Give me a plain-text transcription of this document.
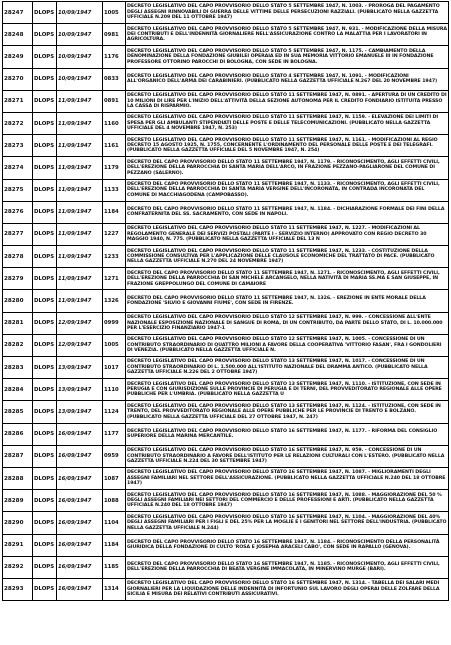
28247	DLOPS	10/09/1947	1005	DECRETO LEGISLATIVO DEL CAPO PROVVISORIO DELLO STATO 5 SETTEMBRE 1947, N. 1003. - PROROGA DEL PAGAMENTO DEGLI ASSEGNI RINNOVABILI DI GUERRA DELLE VITTIME DELLE PERSECUZIONI RAZZIALI. (PUBBLICATO NELLA GAZZETTA UFFICIALE N.209 DEL 11 OTTOBRE 1947)
28248	DLOPS	10/09/1947	0981	DECRETO LEGISLATIVO DEL CAPO PROVVISORIO DELLO STATO 5 SETTEMBRE 1947, N. 931. - MODIFICAZIONE DELLA MISURA DEI CONTRIBUTI E DELL'INDENNITÀ GIORNALIERE NELL'ASSICURAZIONE CONTRO LA MALATTIA PER I LAVORATORI IN AGRICOLTURA.
28249	DLOPS	10/09/1947	1176	DECRETO LEGISLATIVO DEL CAPO PROVVISORIO DELLO STATO 5 SETTEMBRE 1947, N. 1175. - CAMBIAMENTO DELLA DENOMINAZIONE DELLA FONDAZIONE GIUBILEI OPERAIA ED IN SUA MEMORIA VITTORIO EMANUELE III IN FONDAZIONE PROFESSORE OTTORINO PAROCCHI DI BOLOGNA, CON SEDE IN BOLOGNA.
28270	DLOPS	10/09/1947	0833	DECRETO LEGISLATIVO DEL CAPO PROVVISORIO DELLO STATO 4 SETTEMBRE 1947, N. 1091. - MODIFICAZIONI ALL'ORGANICO DELL'ARMA DEI CARABINIERI. (PUBBLICATO NELLA GAZZETTA UFFICIALE N.267 DEL 20 NOVEMBRE 1947)
28271	DLOPS	11/09/1947	0891	DECRETO LEGISLATIVO DEL CAPO PROVVISORIO DELLO STATO 11 SETTEMBRE 1947, N. 0891. - APERTURA DI UN CREDITO DI 10 MILIONI DI LIRE PER L'INIZIO DELL'ATTIVITÀ DELLA SEZIONE AUTONOMA PER IL CREDITO FONDIARIO ISTITUITA PRESSO LA CASSA DI RISPARMIO.
28272	DLOPS	11/09/1947	1160	DECRETO LEGISLATIVO DEL CAPO PROVVISORIO DELLO STATO 11 SETTEMBRE 1947, N. 1159. - ELEVAZIONE DEI LIMITI DI SPESA PER GLI AMBULANTI STIPENDIATI DELLE POSTE E DELLE TELECOMUNICAZIONI. (PUBBLICATO NELLA GAZZETTA UFFICIALE DEL 4 NOVEMBRE 1947, N. 253)
28273	DLOPS	11/09/1947	1161	DECRETO LEGISLATIVO DEL CAPO PROVVISORIO DELLO STATO 11 SETTEMBRE 1947, N. 1161. - MODIFICAZIONI AL REGIO DECRETO 15 AGOSTO 1925, N. 1755, CONCERNENTE L'ORDINAMENTO DEL PERSONALE DELLE POSTE E DEI TELEGRAFI. (PUBBLICATO NELLA GAZZETTA UFFICIALE DEL 5 NOVEMBRE 1947, N. 254)
28274	DLOPS	11/09/1947	1179	DECRETO DEL CAPO PROVVISORIO DELLO STATO 11 SETTEMBRE 1947, N. 1179. - RICONOSCIMENTO, AGLI EFFETTI CIVILI, DELL'EREZIONE DELLA PARROCCHIA DI SANTA MARIA DELL'ARCO, IN FRAZIONE PEZZANO-PAGLIARONE DEL COMUNE DI PEZZANO (SALERNO).
28275	DLOPS	11/09/1947	1133	DECRETO DEL CAPO PROVVISORIO DELLO STATO 11 SETTEMBRE 1947, N. 1133. - RICONOSCIMENTO, AGLI EFFETTI CIVILI, DELL'EREZIONE DELLA PARROCCHIA DI SANTA MARIA VERGINE DELL'INCORONATA, IN CONTRADA INCORONATA DEL COMUNE DI MACCHIAGODENA (CAMPOBASSO).
28276	DLOPS	11/09/1947	1184	DECRETO DEL CAPO PROVVISORIO DELLO STATO 11 SETTEMBRE 1947, N. 1184. - DICHIARAZIONE FORMALE DEI FINI DELLA CONFRATERNITA DEL SS. SACRAMENTO, CON SEDE IN NAPOLI.
28277	DLOPS	11/09/1947	1227	DECRETO LEGISLATIVO DEL CAPO PROVVISORIO DELLO STATO 11 SETTEMBRE 1947, N. 1227. - MODIFICAZIONI AL REGOLAMENTO GENERALE DEI SERVIZI POSTALI (PARTE I - SERVIZIO INTERNO) APPROVATO CON REGIO DECRETO 30 MAGGIO 1940, N. 775. (PUBBLICATO NELLA GAZZETTA UFFICIALE DEL 13 N
28278	DLOPS	11/09/1947	1233	DECRETO LEGISLATIVO DEL CAPO PROVVISORIO DELLO STATO 11 SETTEMBRE 1947, N. 1233. - COSTITUZIONE DELLA COMMISSIONE CONSULTIVA PER L'APPLICAZIONE DELLE CLAUSOLE ECONOMICHE DEL TRATTATO DI PACE. (PUBBLICATO NELLA GAZZETTA UFFICIALE N.270 DEL 24 NOVEMBRE 1947)
28279	DLOPS	11/09/1947	1271	DECRETO DEL CAPO PROVVISORIO DELLO STATO 11 SETTEMBRE 1947, N. 1271. - RICONOSCIMENTO, AGLI EFFETTI CIVILI, DELL'EREZIONE DELLA PARROCCHIA DI SAN MICHELE ARCANGELO, NELLA NATIVITÀ DI MARIA SS.MA E SAN GIUSEPPE, IN FRAZIONE GREPPOLUNGO DEL COMUNE DI CAMAIORE
28280	DLOPS	11/09/1947	1326	DECRETO DEL CAPO PROVVISORIO DELLO STATO 11 SETTEMBRE 1947, N. 1326. - EREZIONE IN ENTE MORALE DELLA FONDAZIONE 'SILVIO E GIOVANNI FIUME', CON SEDE IN FIRENZE.
28281	DLOPS	12/09/1947	0999	DECRETO LEGISLATIVO DEL CAPO PROVVISORIO DELLO STATO 12 SETTEMBRE 1947, N. 999. - CONCESSIONE ALL'ENTE NAZIONALE ESPOSIZIONE NAZIONALE DI SANGUE DI ROMA, DI UN CONTRIBUTO, DA PARTE DELLO STATO, DI L. 10.000.000 PER L'ESERCIZIO FINANZIARIO 1947-1
28282	DLOPS	12/09/1947	1005	DECRETO LEGISLATIVO DEL CAPO PROVVISORIO DELLO STATO 12 SETTEMBRE 1947, N. 1005. - CONCESSIONE DI UN CONTRIBUTO STRAORDINARIO DI QUATTRO MILIONI A FAVORE DELLA COOPERATIVA 'VITTORIO FASAN', FRA I GONDOLIERI DI VENEZIA. (PUBBLICATO NELLA GAZZETTA UFFICIALE N.
28283	DLOPS	13/09/1947	1017	DECRETO LEGISLATIVO DEL CAPO PROVVISORIO DELLO STATO 13 SETTEMBRE 1947, N. 1017. - CONCESSIONE DI UN CONTRIBUTO STRAORDINARIO DI L. 1.500.000 ALL'ISTITUTO NAZIONALE DEL DRAMMA ANTICO. (PUBBLICATO NELLA GAZZETTA UFFICIALE N.226 DEL 2 OTTOBRE 1947)
28284	DLOPS	13/09/1947	1110	DECRETO LEGISLATIVO DEL CAPO PROVVISORIO DELLO STATO 13 SETTEMBRE 1947, N. 1110. - ISTITUZIONE, CON SEDE IN PERUGIA E CON GIURISDIZIONE SULLE PROVINCIE DI PERUGIA E DI TERNI, DEL PROVVEDITORATO REGIONALE ALLE OPERE PUBBLICHE PER L'UMBRIA. (PUBBLICATO NELLA GAZZETTA U
28285	DLOPS	13/09/1947	1124	DECRETO LEGISLATIVO DEL CAPO PROVVISORIO DELLO STATO 13 SETTEMBRE 1947, N. 1124. - ISTITUZIONE, CON SEDE IN TRENTO, DEL PROVVEDITORATO REGIONALE ALLE OPERE PUBBLICHE PER LE PROVINCIE DI TRENTO E BOLZANO. (PUBBLICATO NELLA GAZZETTA UFFICIALE DEL 27 OTTOBRE 1947, N. 247)
28286	DLOPS	16/09/1947	1177	DECRETO LEGISLATIVO DEL CAPO PROVVISORIO DELLO STATO 16 SETTEMBRE 1947, N. 1177. - RIFORMA DEL CONSIGLIO SUPERIORE DELLA MARINA MERCANTILE.
28287	DLOPS	16/09/1947	0959	DECRETO LEGISLATIVO DEL CAPO PROVVISORIO DELLO STATO 16 SETTEMBRE 1947, N. 959. - CONCESSIONE DI UN CONTRIBUTO STRAORDINARIO A FAVORE DELL'ISTITUTO PER LE RELAZIONI CULTURALI CON L'ESTERO. (PUBBLICATO NELLA GAZZETTA UFFICIALE N.224 DEL 30 SETTEMBRE 1947)
28288	DLOPS	16/09/1947	1087	DECRETO LEGISLATIVO DEL CAPO PROVVISORIO DELLO STATO 16 SETTEMBRE 1947, N. 1087. - MIGLIORAMENTI DEGLI ASSEGNI FAMILIARI NEL SETTORE DELL'ASSICURAZIONE. (PUBBLICATO NELLA GAZZETTA UFFICIALE N.240 DEL 18 OTTOBRE 1947)
28289	DLOPS	16/09/1947	1088	DECRETO LEGISLATIVO DEL CAPO PROVVISORIO DELLO STATO 16 SETTEMBRE 1947, N. 1088. - MAGGIORAZIONE DEL 50 % DEGLI ASSEGNI FAMILIARI NEI SETTORI DEL COMMERCIO E DELLE PROFESSIONI E ARTI. (PUBBLICATO NELLA GAZZETTA UFFICIALE N.240 DEL 18 OTTOBRE 1947)
28290	DLOPS	16/09/1947	1104	DECRETO LEGISLATIVO DEL CAPO PROVVISORIO DELLO STATO 16 SETTEMBRE 1947, N. 1104. - MAGGIORAZIONE DEL 40% DEGLI ASSEGNI FAMILIARI PER I FIGLI E DEL 25% PER LA MOGLIE E I GENITORI NEL SETTORE DELL'INDUSTRIA. (PUBBLICATO NELLA GAZZETTA UFFICIALE N.244)
28291	DLOPS	16/09/1947	1184	DECRETO DEL CAPO PROVVISORIO DELLO STATO 16 SETTEMBRE 1947, N. 1184. - RICONOSCIMENTO DELLA PERSONALITÀ GIURIDICA DELLA FONDAZIONE DI CULTO 'ROSA E JOSEPHA ARACELI CABO', CON SEDE IN RAPALLO (GENOVA).
28292	DLOPS	16/09/1947	1185	DECRETO DEL CAPO PROVVISORIO DELLO STATO 16 SETTEMBRE 1947, N. 1185. - RICONOSCIMENTO, AGLI EFFETTI CIVILI, DELL'EREZIONE DELLA PARROCCHIA DI BEATA VERGINE IMMACOLATA, IN MINERVINO MURGE (BARI).
28293	DLOPS	16/09/1947	1314	DECRETO LEGISLATIVO DEL CAPO PROVVISORIO DELLO STATO 16 SETTEMBRE 1947, N. 1314. - TABELLA DEI SALARI MEDI GIORNALIERI PER LA LIQUIDAZIONE DELLE INDENNITÀ DI INFORTUNIO SUL LAVORO DEGLI OPERAI DELLE ZOLFARE DELLA SICILIA E MISURA DEI RELATIVI CONTRIBUTI ASSICURATIVI.
